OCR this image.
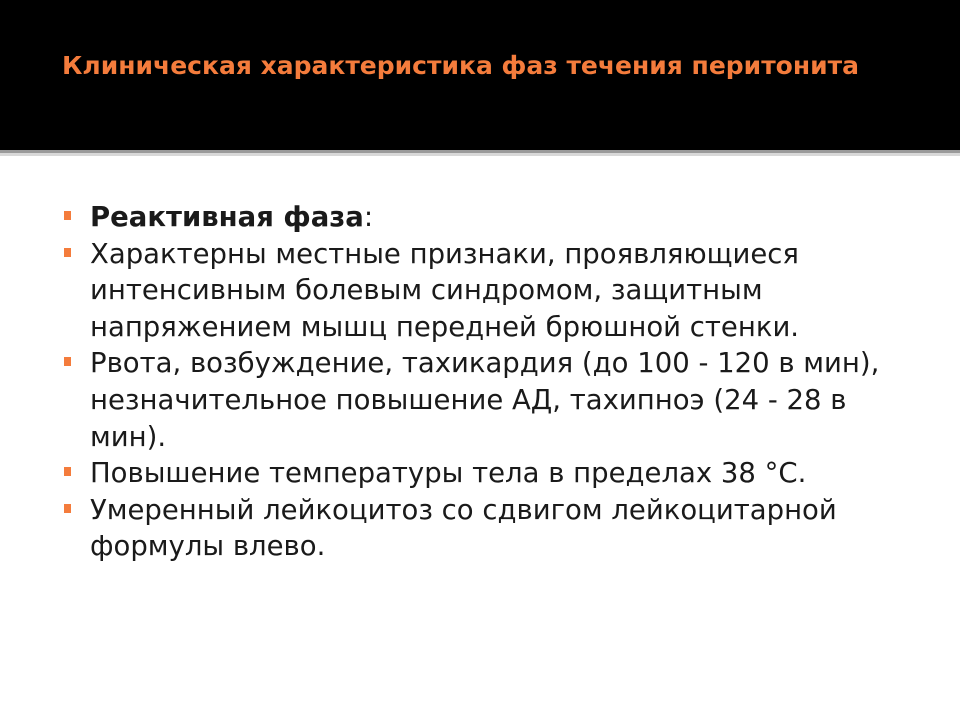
Клиническая характеристика фаз течения перитонита
Реактивная фаза:
Характерны местные признаки, проявляющиеся интенсивным болевым синдромом, защитным напряжением мышц передней брюшной стенки.
Рвота, возбуждение, тахикардия (до 100 - 120 в мин), незначительное повышение АД, тахипноэ (24 - 28 в мин).
Повышение температуры тела в пределах 38 °С.
Умеренный лейкоцитоз со сдвигом лейкоцитарной формулы влево.
